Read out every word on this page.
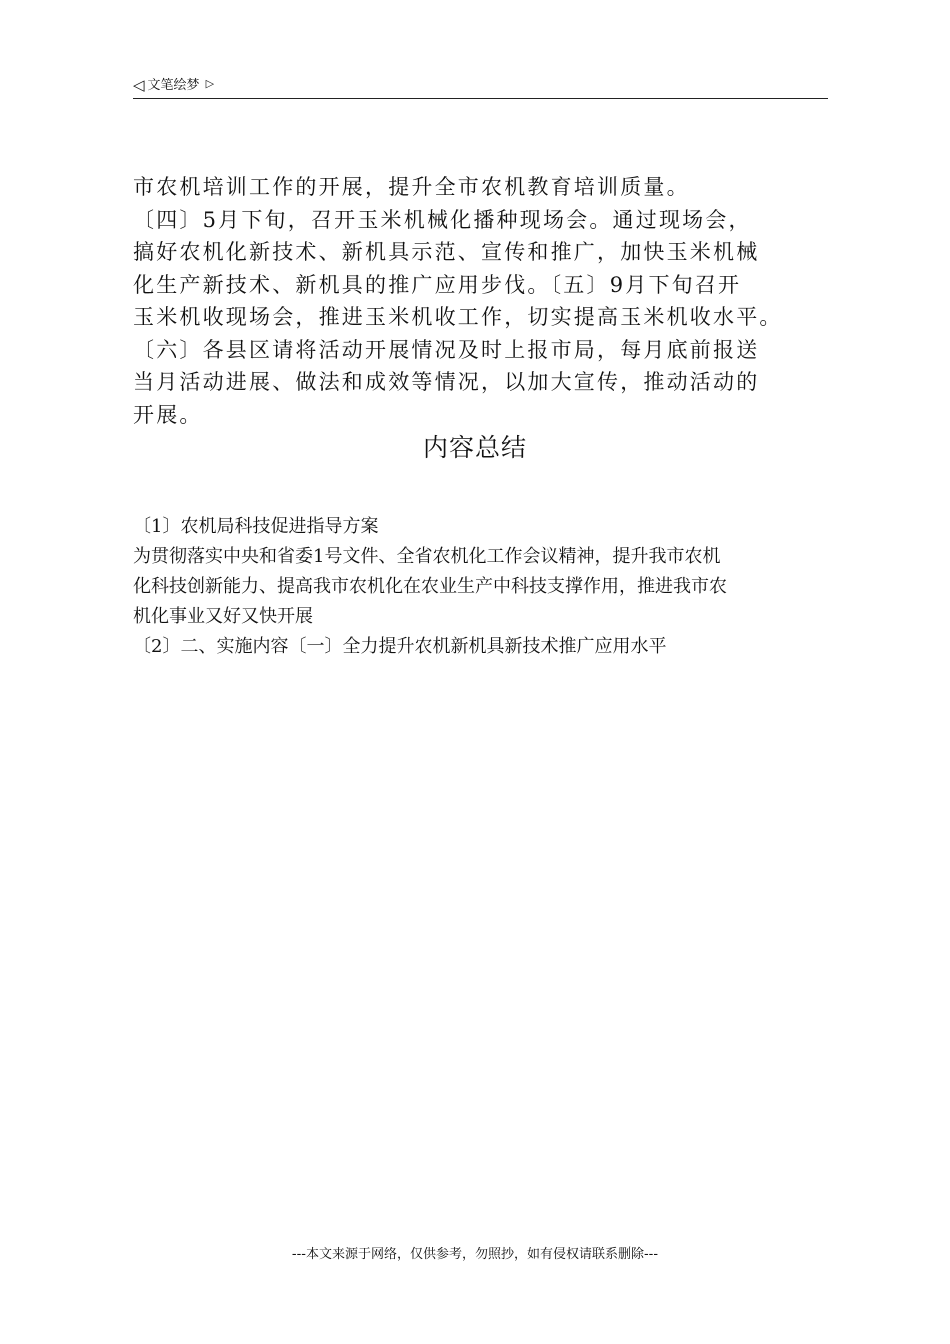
◁ 文笔绘梦 ▷

市农机培训工作的开展，提升全市农机教育培训质量。

〔四〕5月下旬，召开玉米机械化播种现场会。通过现场会，

搞好农机化新技术、新机具示范、宣传和推广，加快玉米机械

化生产新技术、新机具的推广应用步伐。〔五〕9月下旬召开

玉米机收现场会，推进玉米机收工作，切实提高玉米机收水平。

〔六〕各县区请将活动开展情况及时上报市局，每月底前报送

当月活动进展、做法和成效等情况，以加大宣传，推动活动的

开展。

内容总结

〔1〕农机局科技促进指导方案

为贯彻落实中央和省委1号文件、全省农机化工作会议精神，提升我市农机

化科技创新能力、提高我市农机化在农业生产中科技支撑作用，推进我市农

机化事业又好又快开展

〔2〕二、实施内容〔一〕全力提升农机新机具新技术推广应用水平

---本文来源于网络，仅供参考，勿照抄，如有侵权请联系删除---
